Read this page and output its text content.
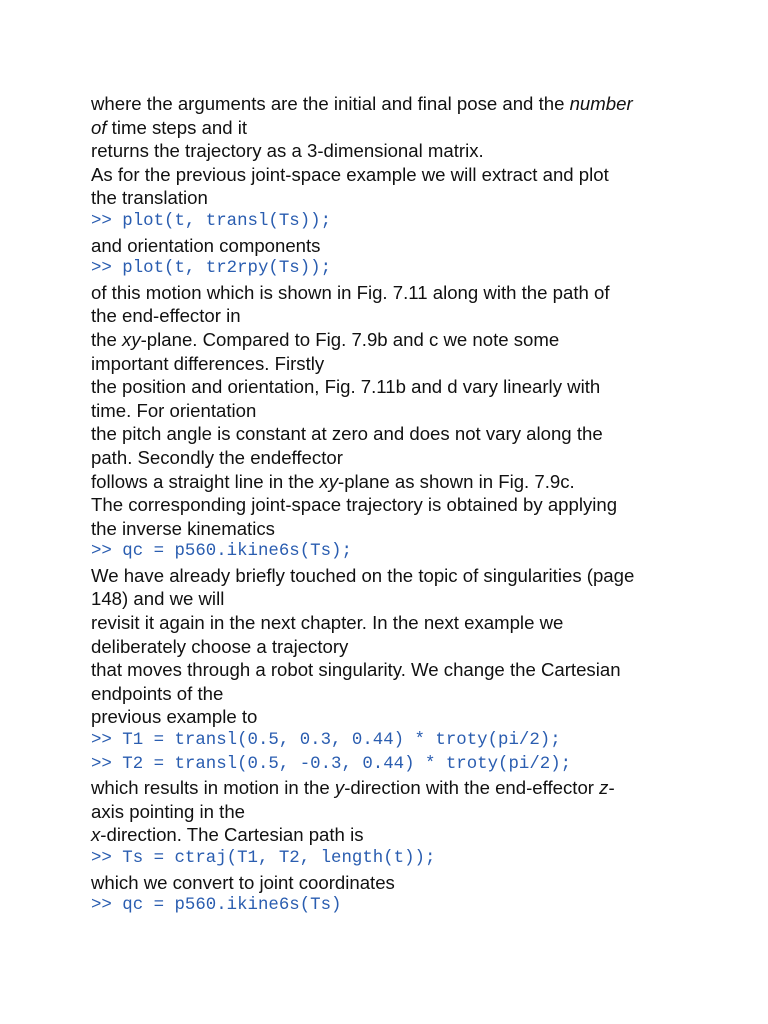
where the arguments are the initial and final pose and the number
of time steps and it
returns the trajectory as a 3-dimensional matrix.
As for the previous joint-space example we will extract and plot
the translation
>> plot(t, transl(Ts));
and orientation components
>> plot(t, tr2rpy(Ts));
of this motion which is shown in Fig. 7.11 along with the path of
the end-effector in
the xy-plane. Compared to Fig. 7.9b and c we note some
important differences. Firstly
the position and orientation, Fig. 7.11b and d vary linearly with
time. For orientation
the pitch angle is constant at zero and does not vary along the
path. Secondly the endeffector
follows a straight line in the xy-plane as shown in Fig. 7.9c.
The corresponding joint-space trajectory is obtained by applying
the inverse kinematics
>> qc = p560.ikine6s(Ts);
We have already briefly touched on the topic of singularities (page
148) and we will
revisit it again in the next chapter. In the next example we
deliberately choose a trajectory
that moves through a robot singularity. We change the Cartesian
endpoints of the
previous example to
>> T1 = transl(0.5, 0.3, 0.44) * troty(pi/2);
>> T2 = transl(0.5, -0.3, 0.44) * troty(pi/2);
which results in motion in the y-direction with the end-effector z-
axis pointing in the
x-direction. The Cartesian path is
>> Ts = ctraj(T1, T2, length(t));
which we convert to joint coordinates
>> qc = p560.ikine6s(Ts)
